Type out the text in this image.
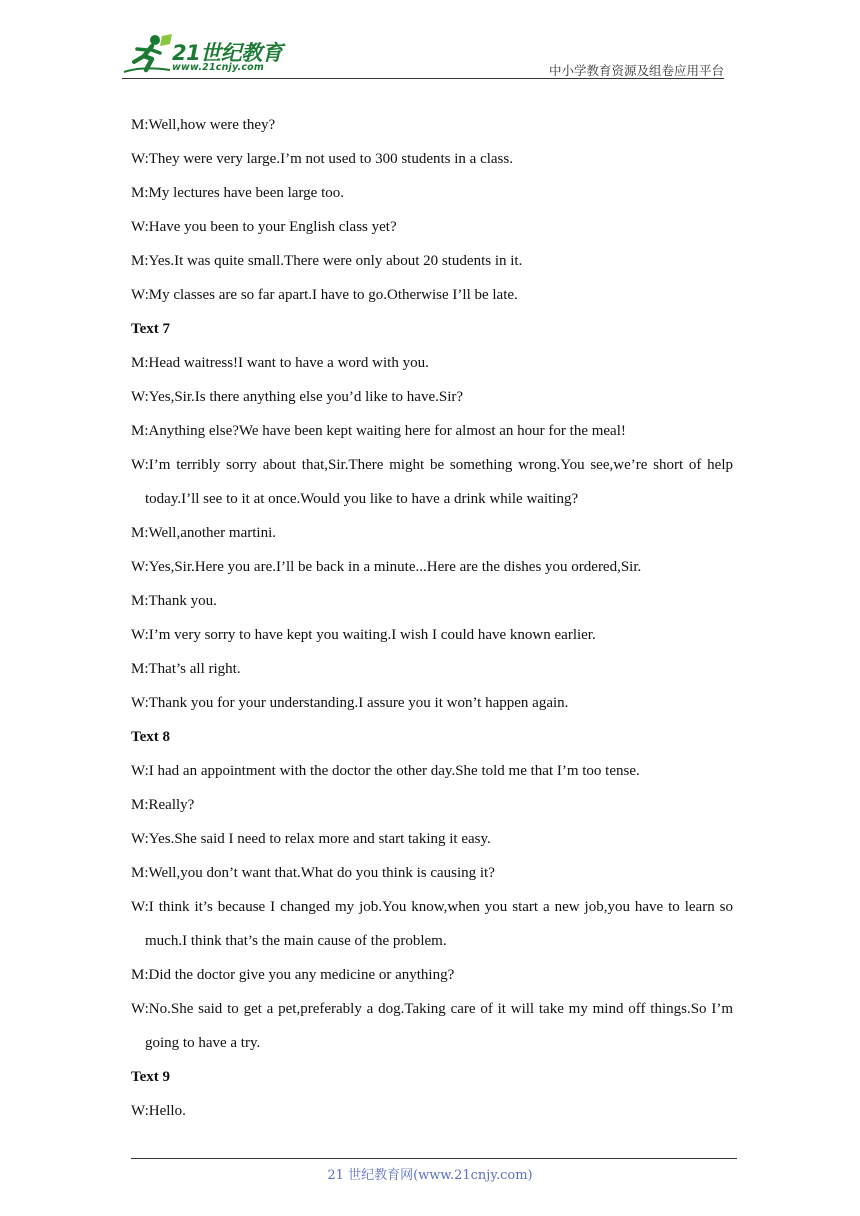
21世纪教育
www.21cnjy.com	中小学教育资源及组卷应用平台
M:Well,how were they?
W:They were very large.I’m not used to 300 students in a class.
M:My lectures have been large too.
W:Have you been to your English class yet?
M:Yes.It was quite small.There were only about 20 students in it.
W:My classes are so far apart.I have to go.Otherwise I’ll be late.
Text 7
M:Head waitress!I want to have a word with you.
W:Yes,Sir.Is there anything else you’d like to have.Sir?
M:Anything else?We have been kept waiting here for almost an hour for the meal!
W:I’m terribly sorry about that,Sir.There might be something wrong.You see,we’re short of help
today.I’ll see to it at once.Would you like to have a drink while waiting?
M:Well,another martini.
W:Yes,Sir.Here you are.I’ll be back in a minute...Here are the dishes you ordered,Sir.
M:Thank you.
W:I’m very sorry to have kept you waiting.I wish I could have known earlier.
M:That’s all right.
W:Thank you for your understanding.I assure you it won’t happen again.
Text 8
W:I had an appointment with the doctor the other day.She told me that I’m too tense.
M:Really?
W:Yes.She said I need to relax more and start taking it easy.
M:Well,you don’t want that.What do you think is causing it?
W:I think it’s because I changed my job.You know,when you start a new job,you have to learn so
much.I think that’s the main cause of the problem.
M:Did the doctor give you any medicine or anything?
W:No.She said to get a pet,preferably a dog.Taking care of it will take my mind off things.So I’m
going to have a try.
Text 9
W:Hello.
21 世纪教育网(www.21cnjy.com)
